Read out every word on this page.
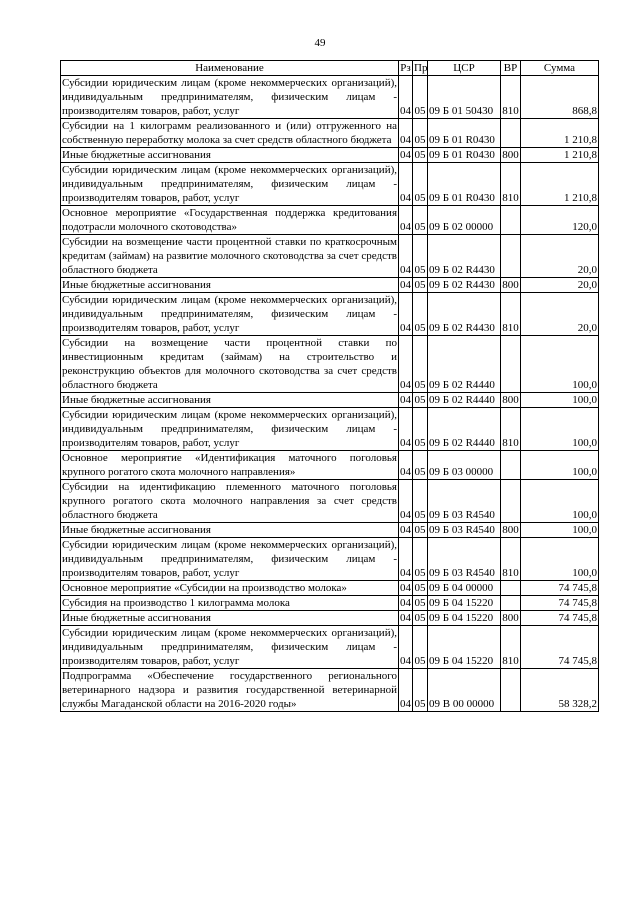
49
Наименование	Рз	Пр	ЦСР	ВР	Сумма
Субсидии юридическим лицам (кроме некоммерческих организаций), индивидуальным предпринимателям, физическим лицам - производителям товаров, работ, услуг	04	05	09 Б 01 50430	810	868,8
Субсидии на 1 килограмм реализованного и (или) отгруженного на собственную переработку молока за счет средств областного бюджета	04	05	09 Б 01 R0430		1 210,8
Иные бюджетные ассигнования	04	05	09 Б 01 R0430	800	1 210,8
Субсидии юридическим лицам (кроме некоммерческих организаций), индивидуальным предпринимателям, физическим лицам - производителям товаров, работ, услуг	04	05	09 Б 01 R0430	810	1 210,8
Основное мероприятие «Государственная поддержка кредитования подотрасли молочного скотоводства»	04	05	09 Б 02 00000		120,0
Субсидии на возмещение части процентной ставки по краткосрочным кредитам (займам) на развитие молочного скотоводства за счет средств областного бюджета	04	05	09 Б 02 R4430		20,0
Иные бюджетные ассигнования	04	05	09 Б 02 R4430	800	20,0
Субсидии юридическим лицам (кроме некоммерческих организаций), индивидуальным предпринимателям, физическим лицам - производителям товаров, работ, услуг	04	05	09 Б 02 R4430	810	20,0
Субсидии на возмещение части процентной ставки по инвестиционным кредитам (займам) на строительство и реконструкцию объектов для молочного скотоводства за счет средств областного бюджета	04	05	09 Б 02 R4440		100,0
Иные бюджетные ассигнования	04	05	09 Б 02 R4440	800	100,0
Субсидии юридическим лицам (кроме некоммерческих организаций), индивидуальным предпринимателям, физическим лицам - производителям товаров, работ, услуг	04	05	09 Б 02 R4440	810	100,0
Основное мероприятие «Идентификация маточного поголовья крупного рогатого скота молочного направления»	04	05	09 Б 03 00000		100,0
Субсидии на идентификацию племенного маточного поголовья крупного рогатого скота молочного направления за счет средств областного бюджета	04	05	09 Б 03 R4540		100,0
Иные бюджетные ассигнования	04	05	09 Б 03 R4540	800	100,0
Субсидии юридическим лицам (кроме некоммерческих организаций), индивидуальным предпринимателям, физическим лицам - производителям товаров, работ, услуг	04	05	09 Б 03 R4540	810	100,0
Основное мероприятие «Субсидии на производство молока»	04	05	09 Б 04 00000		74 745,8
Субсидия на производство 1 килограмма молока	04	05	09 Б 04 15220		74 745,8
Иные бюджетные ассигнования	04	05	09 Б 04 15220	800	74 745,8
Субсидии юридическим лицам (кроме некоммерческих организаций), индивидуальным предпринимателям, физическим лицам - производителям товаров, работ, услуг	04	05	09 Б 04 15220	810	74 745,8
Подпрограмма «Обеспечение государственного регионального ветеринарного надзора и развития государственной ветеринарной службы Магаданской области на 2016-2020 годы»	04	05	09 В 00 00000		58 328,2
